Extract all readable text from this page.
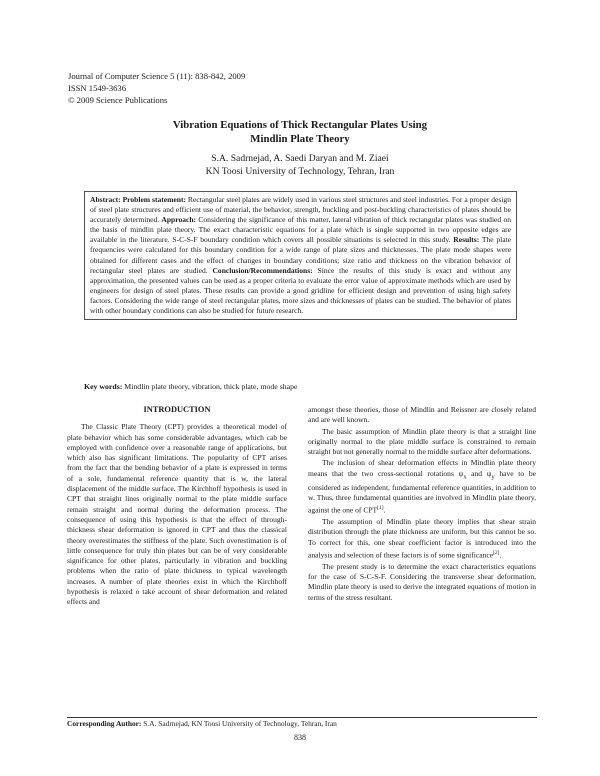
Journal of Computer Science 5 (11): 838-842, 2009
ISSN 1549-3636
© 2009 Science Publications
Vibration Equations of Thick Rectangular Plates Using
Mindlin Plate Theory
S.A. Sadrnejad, A. Saedi Daryan and M. Ziaei
KN Toosi University of Technology, Tehran, Iran
Abstract: Problem statement: Rectangular steel plates are widely used in various steel structures and steel industries. For a proper design of steel plate structures and efficient use of material, the behavior, strength, buckling and post-buckling characteristics of plates should be accurately determined. Approach: Considering the significance of this matter, lateral vibration of thick rectangular plates was studied on the basis of mindlin plate theory. The exact characteristic equations for a plate which is single supported in two opposite edges are available in the literature. S-C-S-F boundary condition which covers all possible situations is selected in this study. Results: The plate frequencies were calculated for this boundary condition for a wide range of plate sizes and thicknesses. The plate mode shapes were obtained for different cases and the effect of changes in boundary conditions; size ratio and thickness on the vibration behavior of rectangular steel plates are studied. Conclusion/Recommendations: Since the results of this study is exact and without any approximation, the presented values can be used as a proper criteria to evaluate the error value of approximate methods which are used by engineers for design of steel plates. These results can provide a good gridline for efficient design and prevention of using high safety factors. Considering the wide range of steel rectangular plates, more sizes and thicknesses of plates can be studied. The behavior of plates with other boundary conditions can also be studied for future research.
Key words: Mindlin plate theory, vibration, thick plate, mode shape

INTRODUCTION

The Classic Plate Theory (CPT) provides a theoretical model of plate behavior which has some considerable advantages, which cab be employed with confidence over a reasonable range of applications, but which also has significant limitations. The popularity of CPT arises from the fact that the bending behavior of a plate is expressed in terms of a sole, fundamental reference quantity that is w, the lateral displacement of the middle surface. The Kirchhoff hypothesis is used in CPT that straight lines originally normal to the plate middle surface remain straight and normal during the deformation process. The consequence of using this hypothesis is that the effect of through-thickness shear deformation is ignored in CPT and thus the classical theory overestimates the stiffness of the plate. Such overestimation is of little consequence for truly thin plates but can be of very considerable significance for other plates, particularly in vibration and buckling problems when the ratio of plate thickness to typical wavelength increases. A number of plate theories exist in which the Kirchhoff hypothesis is relaxed o take account of shear deformation and related effects and

amongst these theories, those of Mindlin and Reissner are closely related and are well known.

The basic assumption of Mindlin plate theory is that a straight line originally normal to the plate middle surface is constrained to remain straight but not generally normal to the middle surface after deformations.

The inclusion of shear deformation effects in Mindlin plate theory means that the two cross-sectional rotations $\psi_x$ and $\psi_y$ have to be considered as independent, fundamental reference quantities, in addition to w. Thus, three fundamental quantities are involved in Mindlin plate theory, against the one of CPT[1].

The assumption of Mindlin plate theory implies that shear strain distribution through the plate thickness are uniform, but this cannot be so. To correct for this, one shear coefficient factor is introduced into the analysis and selection of these factors is of some significance[2].

The present study is to determine the exact characteristics equations for the case of S-C-S-F. Considering the transverse shear deformation, Mindlin plate theory is used to derive the integrated equations of motion in terms of the stress resultant.

Corresponding Author: S.A. Sadrnejad, KN Toosi University of Technology, Tehran, Iran
838
